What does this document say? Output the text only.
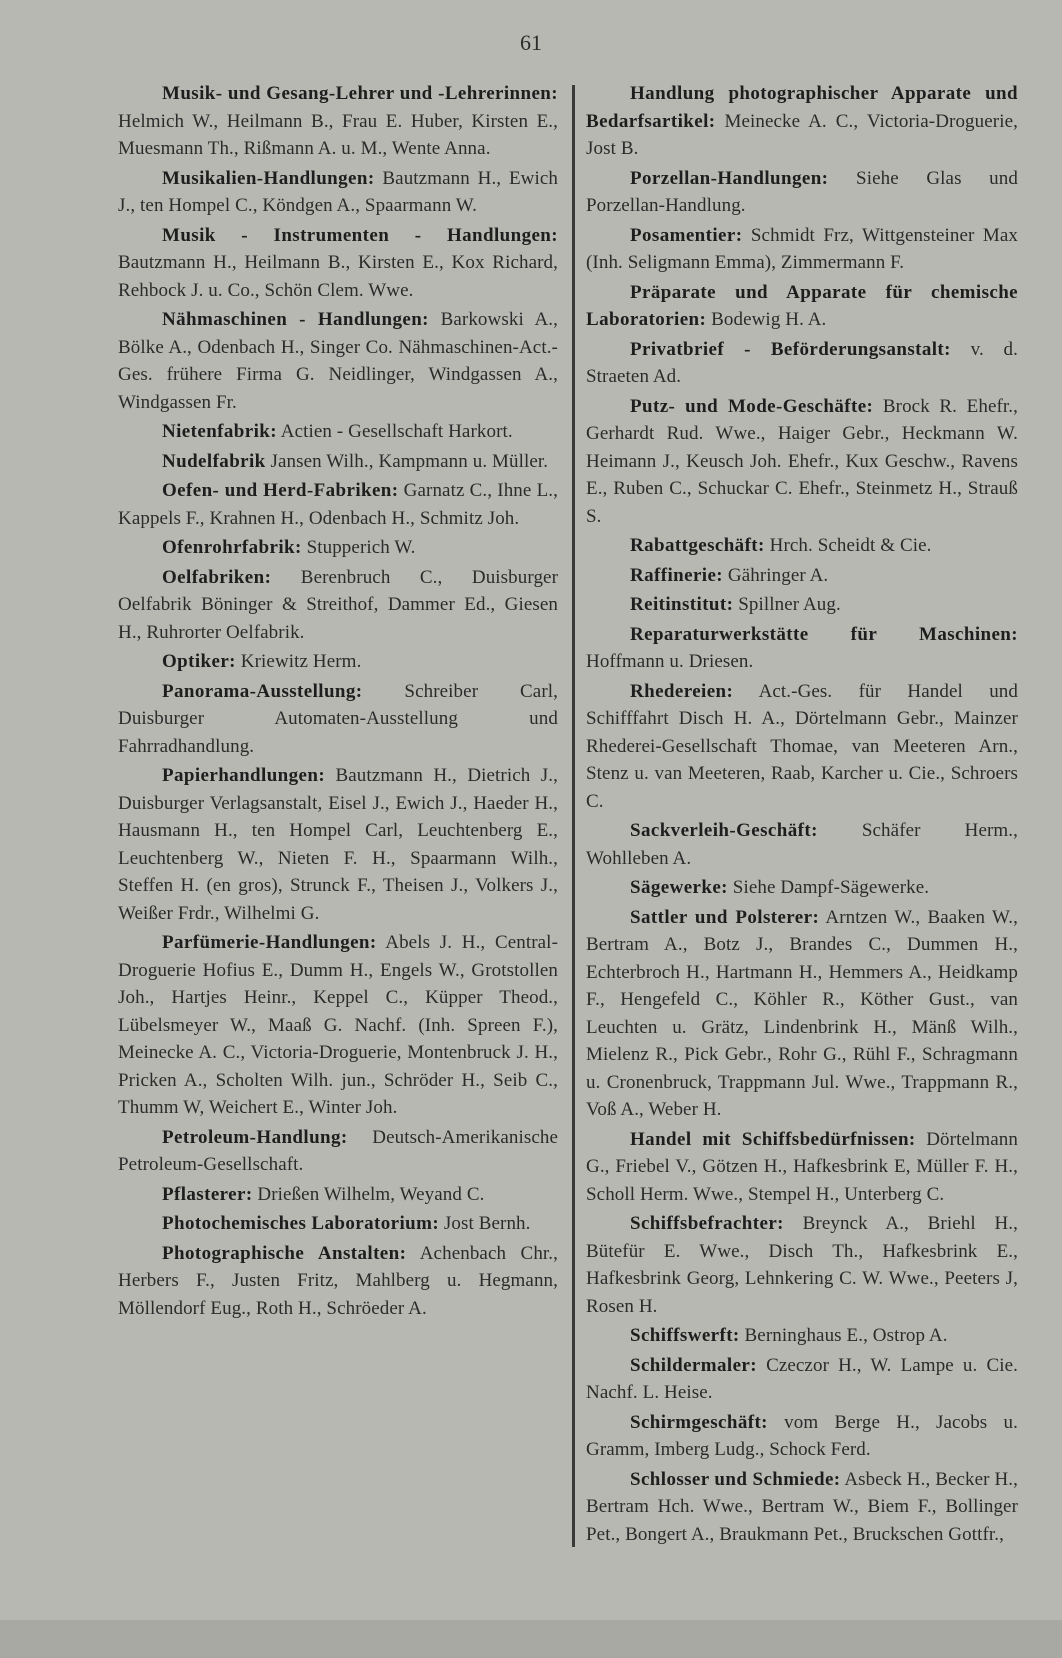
61

Musik- und Gesang-Lehrer und -Lehrerinnen: Helmich W., Heilmann B., Frau E. Huber, Kirsten E., Muesmann Th., Rißmann A. u. M., Wente Anna.

Musikalien-Handlungen: Bautzmann H., Ewich J., ten Hompel C., Köndgen A., Spaarmann W.

Musik - Instrumenten - Handlungen: Bautzmann H., Heilmann B., Kirsten E., Kox Richard, Rehbock J. u. Co., Schön Clem. Wwe.

Nähmaschinen - Handlungen: Barkowski A., Bölke A., Odenbach H., Singer Co. Nähmaschinen-Act.-Ges. frühere Firma G. Neidlinger, Windgassen A., Windgassen Fr.

Nietenfabrik: Actien - Gesellschaft Harkort.

Nudelfabrik Jansen Wilh., Kampmann u. Müller.

Oefen- und Herd-Fabriken: Garnatz C., Ihne L., Kappels F., Krahnen H., Odenbach H., Schmitz Joh.

Ofenrohrfabrik: Stupperich W.

Oelfabriken: Berenbruch C., Duisburger Oelfabrik Böninger & Streithof, Dammer Ed., Giesen H., Ruhrorter Oelfabrik.

Optiker: Kriewitz Herm.

Panorama-Ausstellung: Schreiber Carl, Duisburger Automaten-Ausstellung und Fahrradhandlung.

Papierhandlungen: Bautzmann H., Dietrich J., Duisburger Verlagsanstalt, Eisel J., Ewich J., Haeder H., Hausmann H., ten Hompel Carl, Leuchtenberg E., Leuchtenberg W., Nieten F. H., Spaarmann Wilh., Steffen H. (en gros), Strunck F., Theisen J., Volkers J., Weißer Frdr., Wilhelmi G.

Parfümerie-Handlungen: Abels J. H., Central-Droguerie Hofius E., Dumm H., Engels W., Grotstollen Joh., Hartjes Heinr., Keppel C., Küpper Theod., Lübelsmeyer W., Maaß G. Nachf. (Inh. Spreen F.), Meinecke A. C., Victoria-Droguerie, Montenbruck J. H., Pricken A., Scholten Wilh. jun., Schröder H., Seib C., Thumm W, Weichert E., Winter Joh.

Petroleum-Handlung: Deutsch-Amerikanische Petroleum-Gesellschaft.

Pflasterer: Drießen Wilhelm, Weyand C.

Photochemisches Laboratorium: Jost Bernh.

Photographische Anstalten: Achenbach Chr., Herbers F., Justen Fritz, Mahlberg u. Hegmann, Möllendorf Eug., Roth H., Schröeder A.

Handlung photographischer Apparate und Bedarfsartikel: Meinecke A. C., Victoria-Droguerie, Jost B.

Porzellan-Handlungen: Siehe Glas und Porzellan-Handlung.

Posamentier: Schmidt Frz, Wittgensteiner Max (Inh. Seligmann Emma), Zimmermann F.

Präparate und Apparate für chemische Laboratorien: Bodewig H. A.

Privatbrief - Beförderungsanstalt: v. d. Straeten Ad.

Putz- und Mode-Geschäfte: Brock R. Ehefr., Gerhardt Rud. Wwe., Haiger Gebr., Heckmann W. Heimann J., Keusch Joh. Ehefr., Kux Geschw., Ravens E., Ruben C., Schuckar C. Ehefr., Steinmetz H., Strauß S.

Rabattgeschäft: Hrch. Scheidt & Cie.

Raffinerie: Gähringer A.

Reitinstitut: Spillner Aug.

Reparaturwerkstätte für Maschinen: Hoffmann u. Driesen.

Rhedereien: Act.-Ges. für Handel und Schifffahrt Disch H. A., Dörtelmann Gebr., Mainzer Rhederei-Gesellschaft Thomae, van Meeteren Arn., Stenz u. van Meeteren, Raab, Karcher u. Cie., Schroers C.

Sackverleih-Geschäft: Schäfer Herm., Wohlleben A.

Sägewerke: Siehe Dampf-Sägewerke.

Sattler und Polsterer: Arntzen W., Baaken W., Bertram A., Botz J., Brandes C., Dummen H., Echterbroch H., Hartmann H., Hemmers A., Heidkamp F., Hengefeld C., Köhler R., Köther Gust., van Leuchten u. Grätz, Lindenbrink H., Mänß Wilh., Mielenz R., Pick Gebr., Rohr G., Rühl F., Schragmann u. Cronenbruck, Trappmann Jul. Wwe., Trappmann R., Voß A., Weber H.

Handel mit Schiffsbedürfnissen: Dörtelmann G., Friebel V., Götzen H., Hafkesbrink E, Müller F. H., Scholl Herm. Wwe., Stempel H., Unterberg C.

Schiffsbefrachter: Breynck A., Briehl H., Bütefür E. Wwe., Disch Th., Hafkesbrink E., Hafkesbrink Georg, Lehnkering C. W. Wwe., Peeters J, Rosen H.

Schiffswerft: Berninghaus E., Ostrop A.

Schildermaler: Czeczor H., W. Lampe u. Cie. Nachf. L. Heise.

Schirmgeschäft: vom Berge H., Jacobs u. Gramm, Imberg Ludg., Schock Ferd.

Schlosser und Schmiede: Asbeck H., Becker H., Bertram Hch. Wwe., Bertram W., Biem F., Bollinger Pet., Bongert A., Braukmann Pet., Bruckschen Gottfr.,
